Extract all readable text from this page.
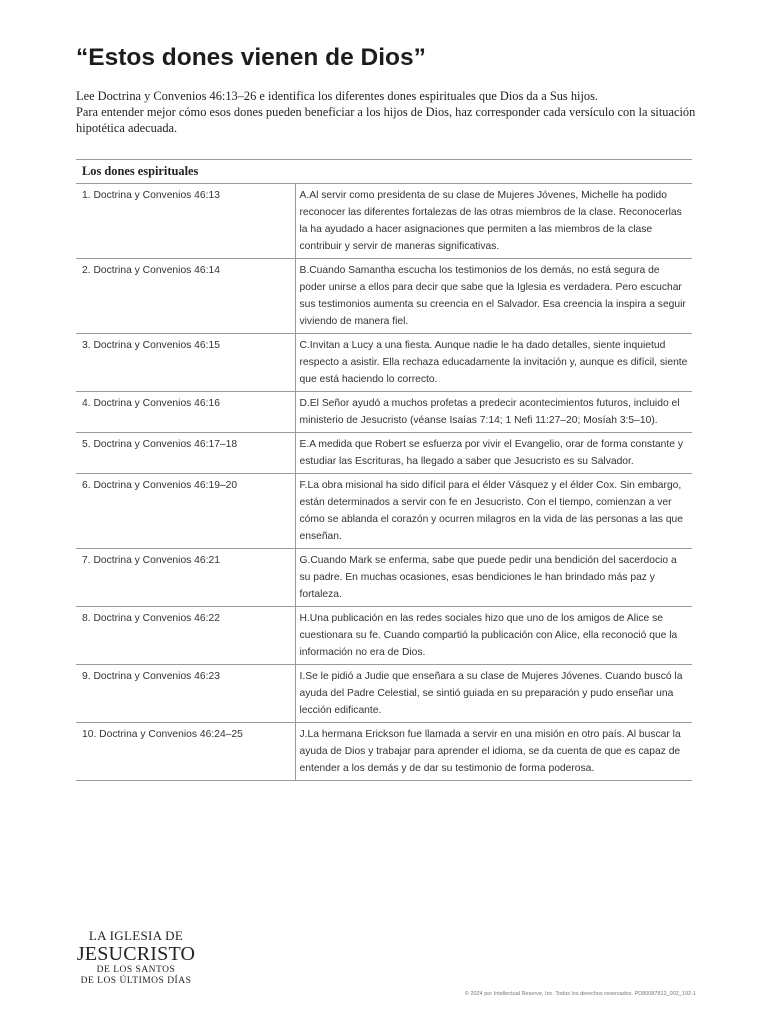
“Estos dones vienen de Dios”

Lee Doctrina y Convenios 46:13–26 e identifica los diferentes dones espirituales que Dios da a Sus hijos.

Para entender mejor cómo esos dones pueden beneficiar a los hijos de Dios, haz corresponder cada versículo con la situación hipotética adecuada.

Los dones espirituales	
1. Doctrina y Convenios 46:13	A.Al servir como presidenta de su clase de Mujeres Jóvenes, Michelle ha podido reconocer las diferentes fortalezas de las otras miembros de la clase. Reconocerlas la ha ayudado a hacer asignaciones que permiten a las miembros de la clase contribuir y servir de maneras significativas.
2. Doctrina y Convenios 46:14	B.Cuando Samantha escucha los testimonios de los demás, no está segura de poder unirse a ellos para decir que sabe que la Iglesia es verdadera. Pero escuchar sus testimonios aumenta su creencia en el Salvador. Esa creencia la inspira a seguir viviendo de manera fiel.
3. Doctrina y Convenios 46:15	C.Invitan a Lucy a una fiesta. Aunque nadie le ha dado detalles, siente inquietud respecto a asistir. Ella rechaza educadamente la invitación y, aunque es difícil, siente que está haciendo lo correcto.
4. Doctrina y Convenios 46:16	D.El Señor ayudó a muchos profetas a predecir acontecimientos futuros, incluido el ministerio de Jesucristo (véanse Isaías 7:14; 1 Nefi 11:27–20; Mosíah 3:5–10).
5. Doctrina y Convenios 46:17–18	E.A medida que Robert se esfuerza por vivir el Evangelio, orar de forma constante y estudiar las Escrituras, ha llegado a saber que Jesucristo es su Salvador.
6. Doctrina y Convenios 46:19–20	F.La obra misional ha sido difícil para el élder Vásquez y el élder Cox. Sin embargo, están determinados a servir con fe en Jesucristo. Con el tiempo, comienzan a ver cómo se ablanda el corazón y ocurren milagros en la vida de las personas a las que enseñan.
7. Doctrina y Convenios 46:21	G.Cuando Mark se enferma, sabe que puede pedir una bendición del sacerdocio a su padre. En muchas ocasiones, esas bendiciones le han brindado más paz y fortaleza.
8. Doctrina y Convenios 46:22	H.Una publicación en las redes sociales hizo que uno de los amigos de Alice se cuestionara su fe. Cuando compartió la publicación con Alice, ella reconoció que la información no era de Dios.
9. Doctrina y Convenios 46:23	I.Se le pidió a Judie que enseñara a su clase de Mujeres Jóvenes. Cuando buscó la ayuda del Padre Celestial, se sintió guiada en su preparación y pudo enseñar una lección edificante.
10. Doctrina y Convenios 46:24–25	J.La hermana Erickson fue llamada a servir en una misión en otro país. Al buscar la ayuda de Dios y trabajar para aprender el idioma, se da cuenta de que es capaz de entender a los demás y de dar su testimonio de forma poderosa.
LA IGLESIA DE
JESUCRISTO
DE LOS SANTOS
DE LOS ÚLTIMOS DÍAS
© 2024 por Intellectual Reserve, Inc. Todos los derechos reservados. PD80087812_002_192-1
